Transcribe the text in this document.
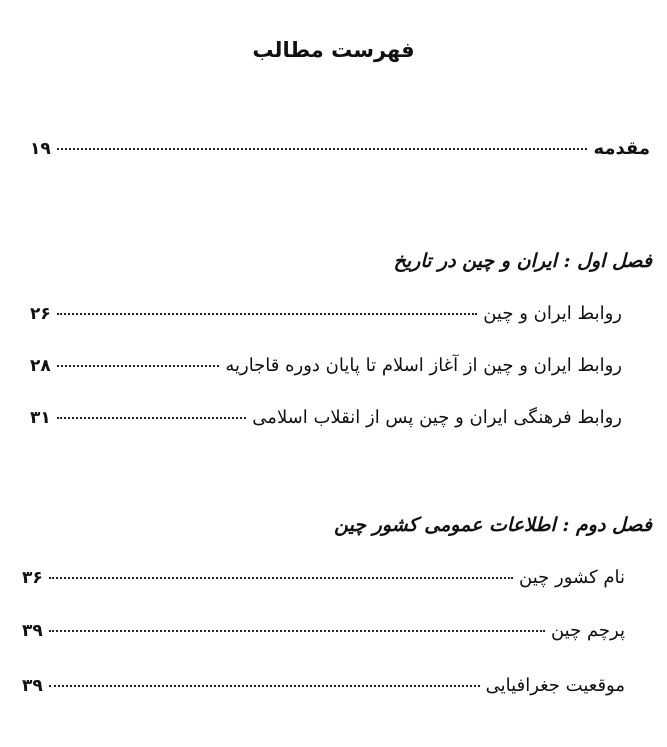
فهرست مطالب
مقدمه
۱۹
فصل اول : ایران و چین در تاریخ
روابط ایران و چین
۲۶
روابط ایران و چین از آغاز اسلام تا پایان دوره قاجاریه
۲۸
روابط فرهنگی ایران و چین پس از انقلاب اسلامی
۳۱
فصل دوم : اطلاعات عمومی کشور چین
نام کشور چین
۳۶
پرچم چین
۳۹
موقعیت جغرافیایی
۳۹
